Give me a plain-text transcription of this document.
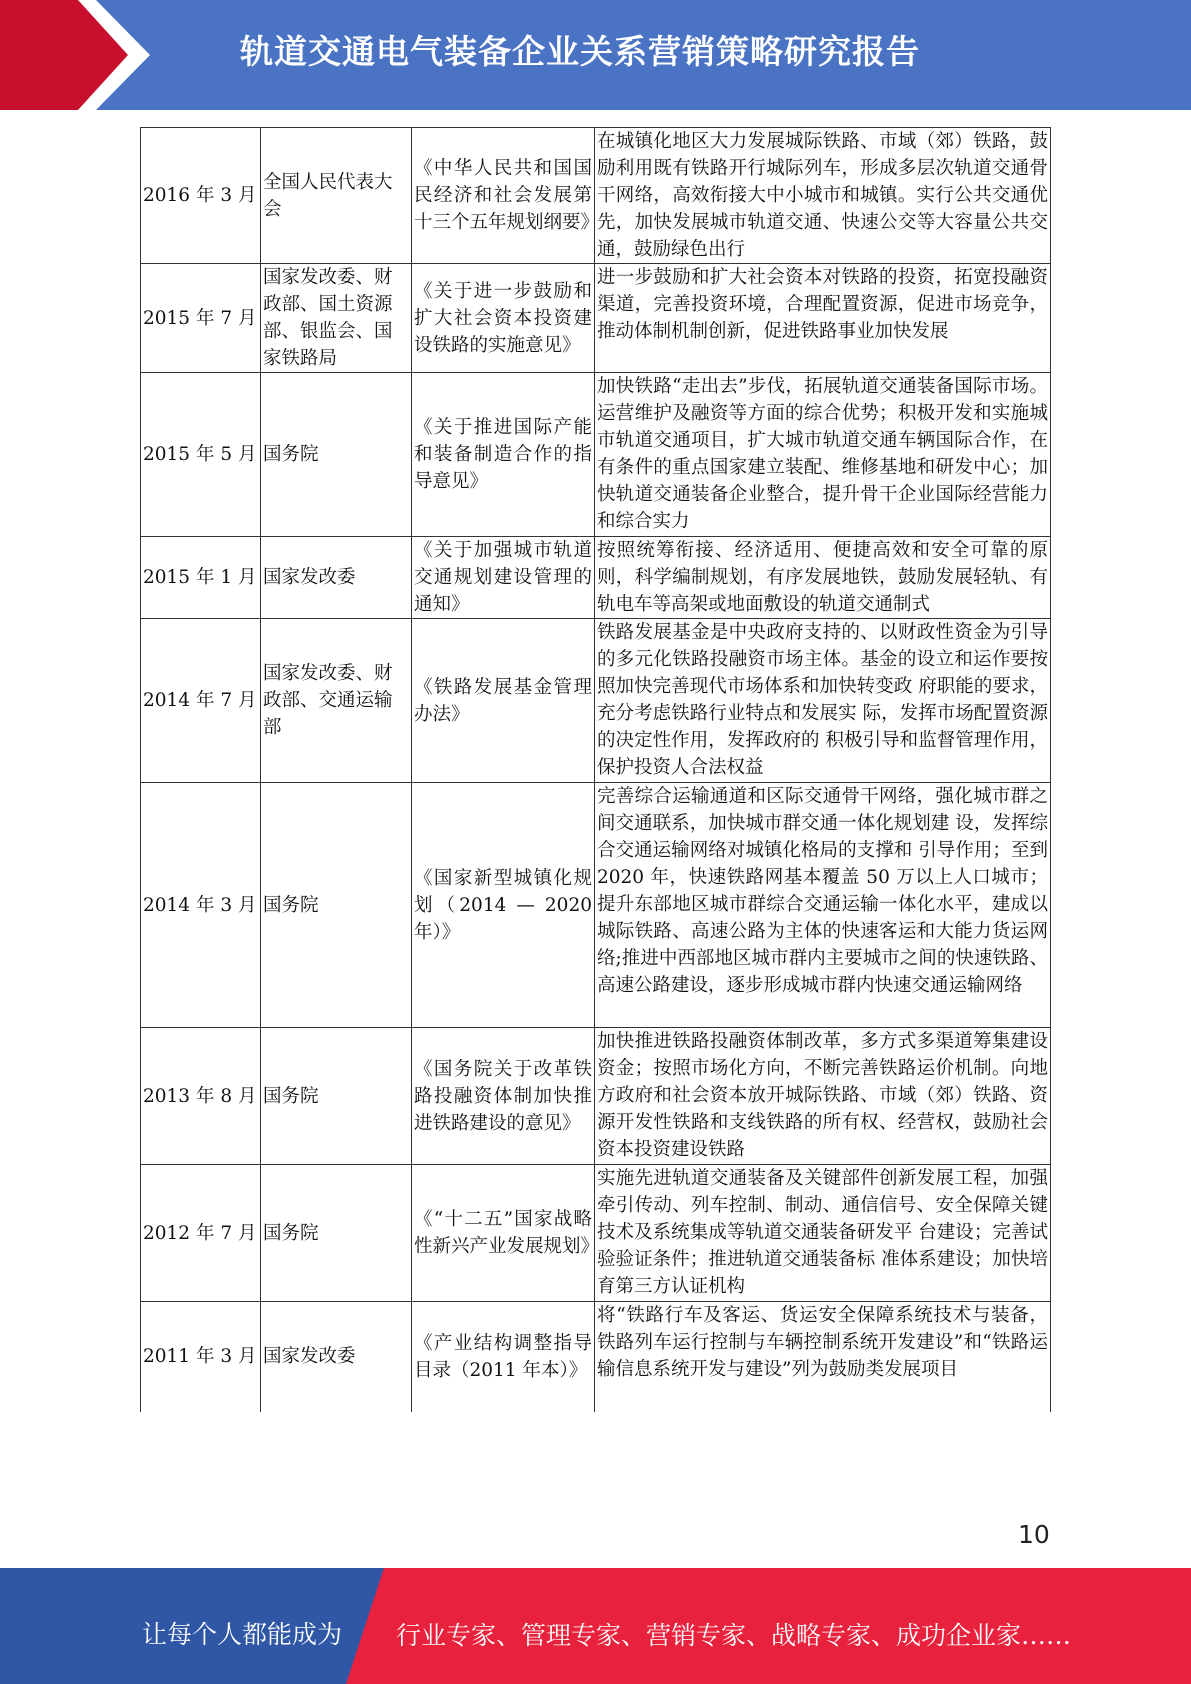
轨道交通电气装备企业关系营销策略研究报告
2016 年 3 月	全国人民代表大会	《中华人民共和国国民经济和社会发展第十三个五年规划纲要》	在城镇化地区大力发展城际铁路、市域（郊）铁路，鼓励利用既有铁路开行城际列车，形成多层次轨道交通骨干网络，高效衔接大中小城市和城镇。实行公共交通优先，加快发展城市轨道交通、快速公交等大容量公共交通，鼓励绿色出行
2015 年 7 月	国家发改委、财政部、国土资源部、银监会、国家铁路局	《关于进一步鼓励和扩大社会资本投资建设铁路的实施意见》	进一步鼓励和扩大社会资本对铁路的投资，拓宽投融资渠道，完善投资环境，合理配置资源，促进市场竞争，推动体制机制创新，促进铁路事业加快发展
2015 年 5 月	国务院	《关于推进国际产能和装备制造合作的指导意见》	加快铁路“走出去”步伐，拓展轨道交通装备国际市场。运营维护及融资等方面的综合优势；积极开发和实施城市轨道交通项目，扩大城市轨道交通车辆国际合作，在有条件的重点国家建立装配、维修基地和研发中心；加快轨道交通装备企业整合，提升骨干企业国际经营能力和综合实力
2015 年 1 月	国家发改委	《关于加强城市轨道交通规划建设管理的通知》	按照统筹衔接、经济适用、便捷高效和安全可靠的原则，科学编制规划，有序发展地铁，鼓励发展轻轨、有轨电车等高架或地面敷设的轨道交通制式
2014 年 7 月	国家发改委、财政部、交通运输部	《铁路发展基金管理办法》	铁路发展基金是中央政府支持的、以财政性资金为引导的多元化铁路投融资市场主体。基金的设立和运作要按照加快完善现代市场体系和加快转变政 府职能的要求，充分考虑铁路行业特点和发展实 际，发挥市场配置资源的决定性作用，发挥政府的 积极引导和监督管理作用，保护投资人合法权益
2014 年 3 月	国务院	《国家新型城镇化规划（2014 — 2020 年）》	完善综合运输通道和区际交通骨干网络，强化城市群之间交通联系，加快城市群交通一体化规划建 设，发挥综合交通运输网络对城镇化格局的支撑和 引导作用；至到 2020 年，快速铁路网基本覆盖 50 万以上人口城市；提升东部地区城市群综合交通运输一体化水平，建成以城际铁路、高速公路为主体的快速客运和大能力货运网络;推进中西部地区城市群内主要城市之间的快速铁路、高速公路建设，逐步形成城市群内快速交通运输网络
2013 年 8 月	国务院	《国务院关于改革铁路投融资体制加快推进铁路建设的意见》	加快推进铁路投融资体制改革，多方式多渠道筹集建设资金；按照市场化方向，不断完善铁路运价机制。向地方政府和社会资本放开城际铁路、市域（郊）铁路、资源开发性铁路和支线铁路的所有权、经营权，鼓励社会资本投资建设铁路
2012 年 7 月	国务院	《“十二五”国家战略性新兴产业发展规划》	实施先进轨道交通装备及关键部件创新发展工程，加强牵引传动、列车控制、制动、通信信号、安全保障关键技术及系统集成等轨道交通装备研发平 台建设；完善试验验证条件；推进轨道交通装备标 准体系建设；加快培育第三方认证机构
2011 年 3 月	国家发改委	《产业结构调整指导目录（2011 年本）》	将“铁路行车及客运、货运安全保障系统技术与装备，铁路列车运行控制与车辆控制系统开发建设”和“铁路运输信息系统开发与建设”列为鼓励类发展项目
10
让每个人都能成为 行业专家、管理专家、营销专家、战略专家、成功企业家……
